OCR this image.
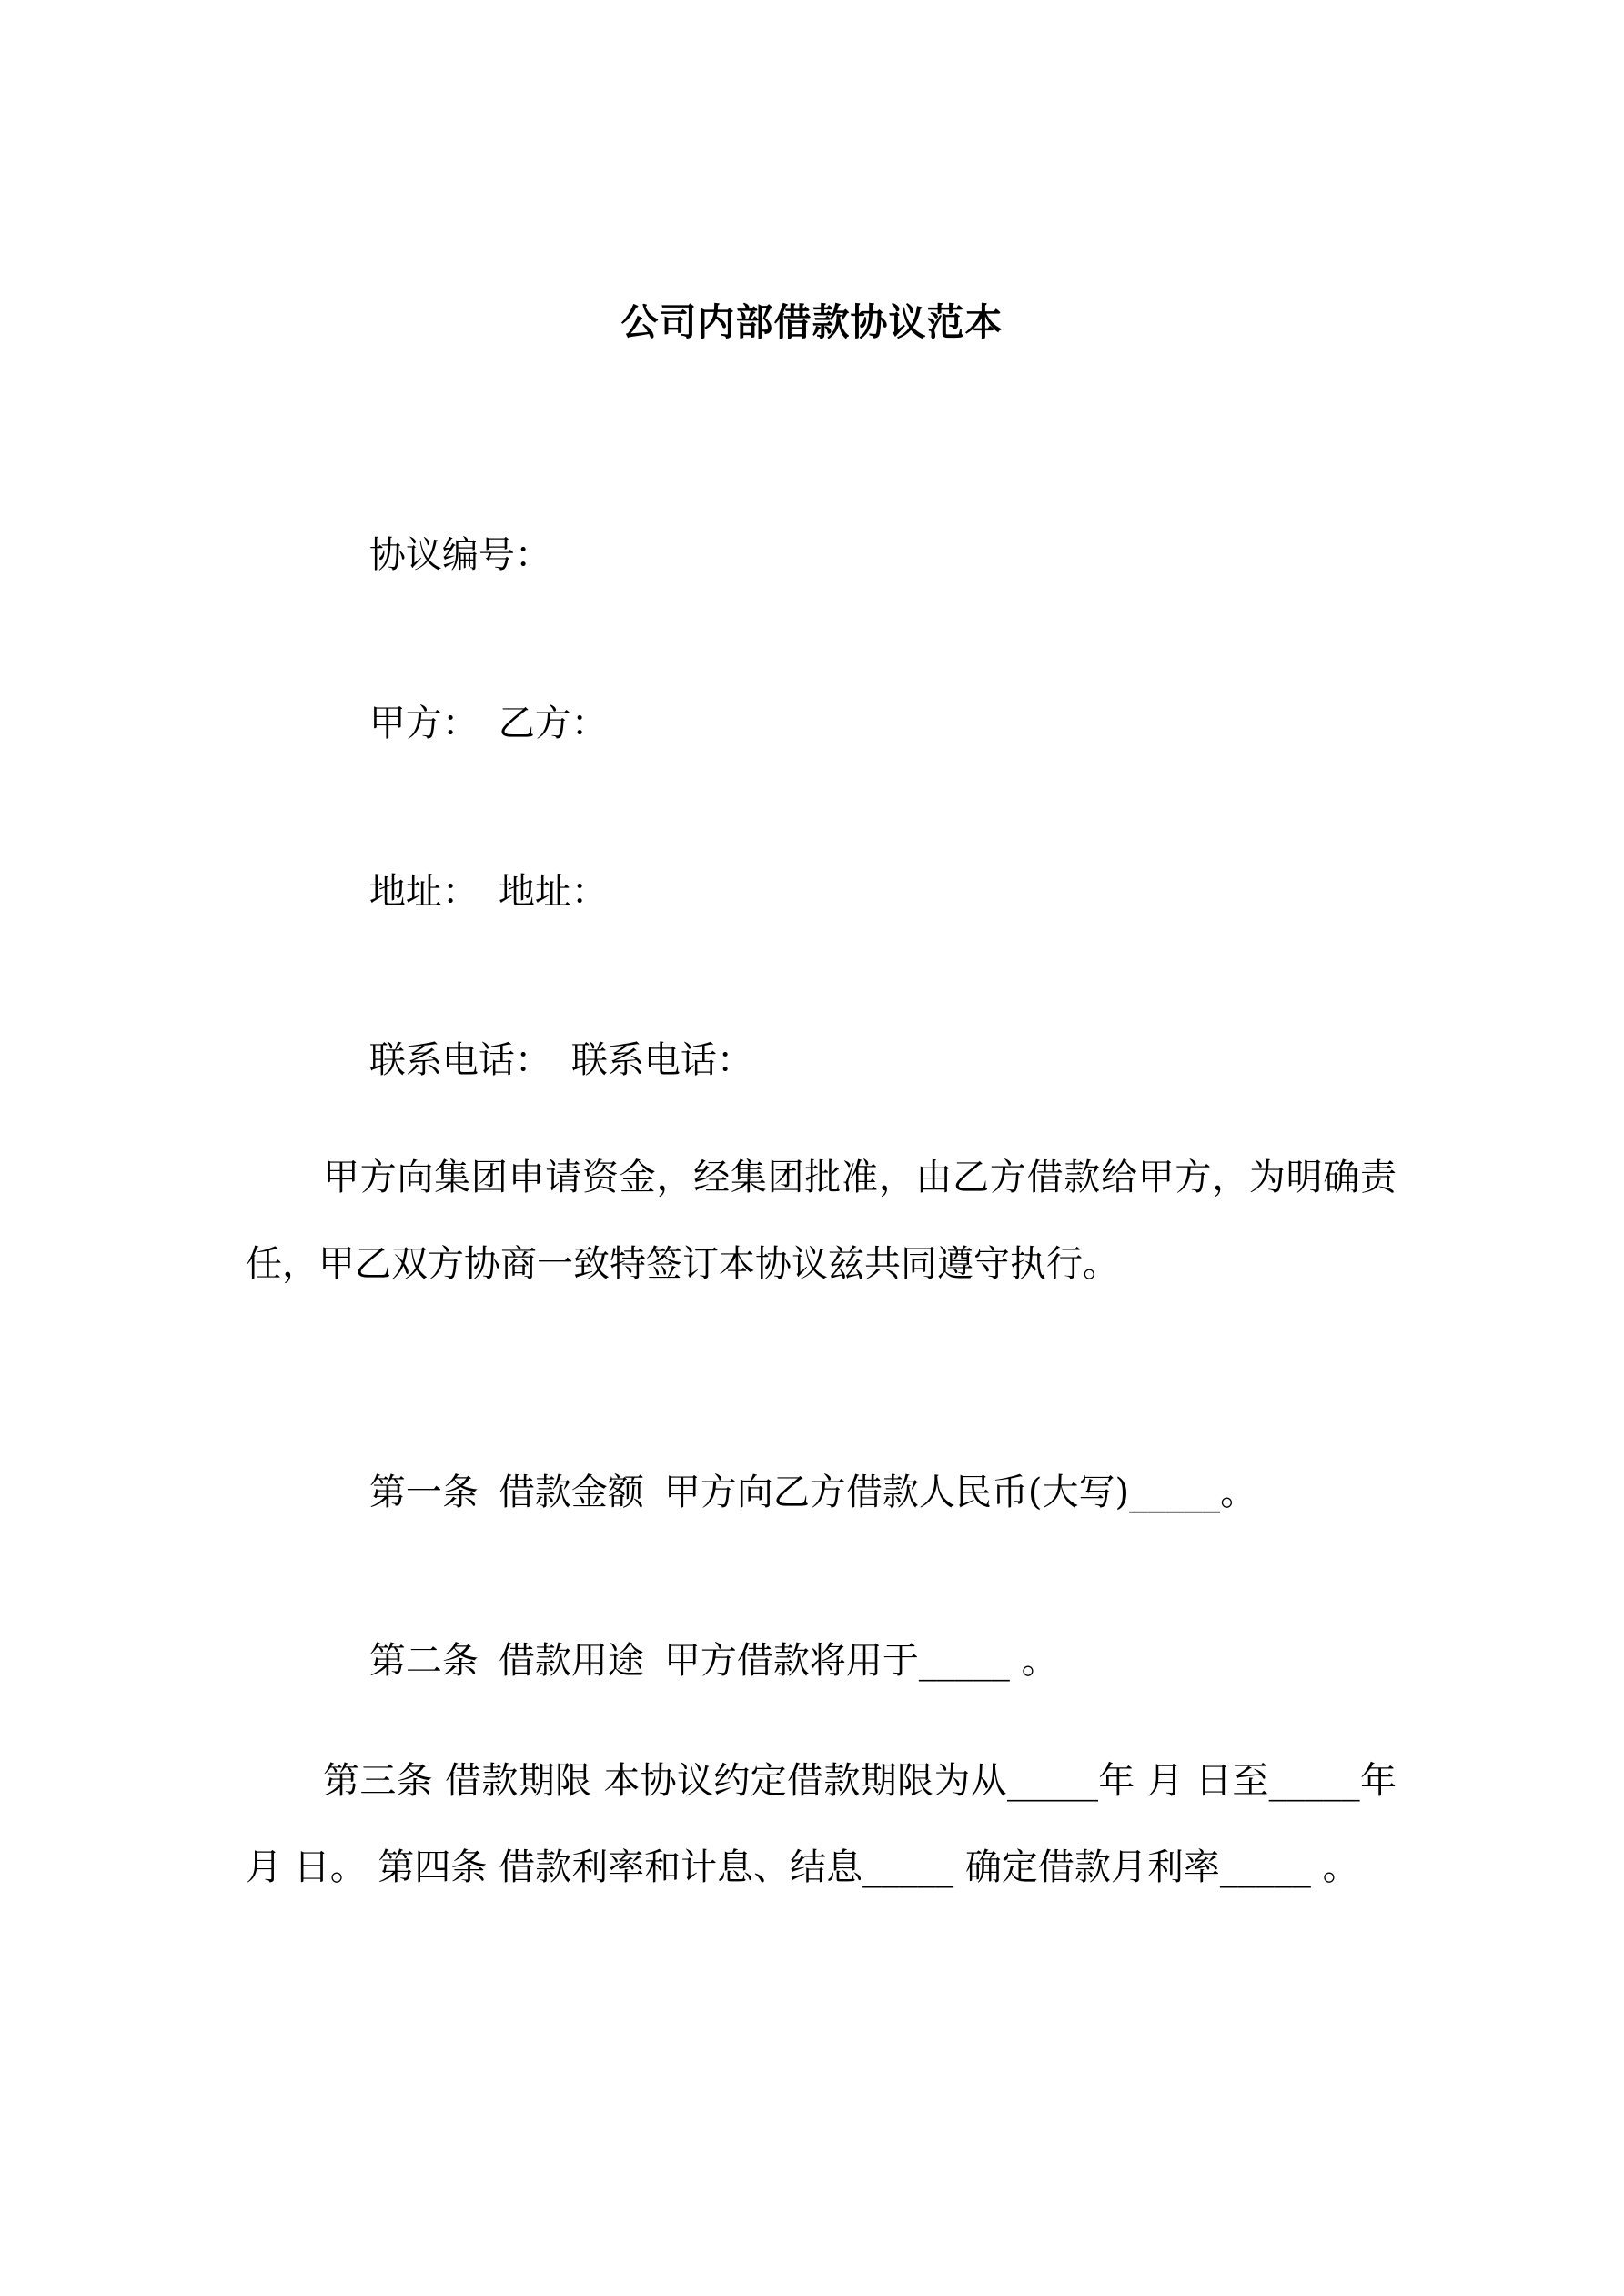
公司内部借款协议范本

协议编号：

甲方： 乙方：

地址： 地址：

联系电话： 联系电话：

甲方向集团申请资金，经集团批准，由乙方借款给甲方，为明确责任，甲乙双方协商一致特签订本协议兹共同遵守执行。

第一条 借款金额 甲方向乙方借款人民币(大写)_____。

第二条 借款用途 甲方借款将用于_____ 。

第三条 借款期限 本协议约定借款期限为从_____年 月 日至_____年 月 日。 第四条 借款利率和计息、结息_____ 确定借款月利率_____ 。
